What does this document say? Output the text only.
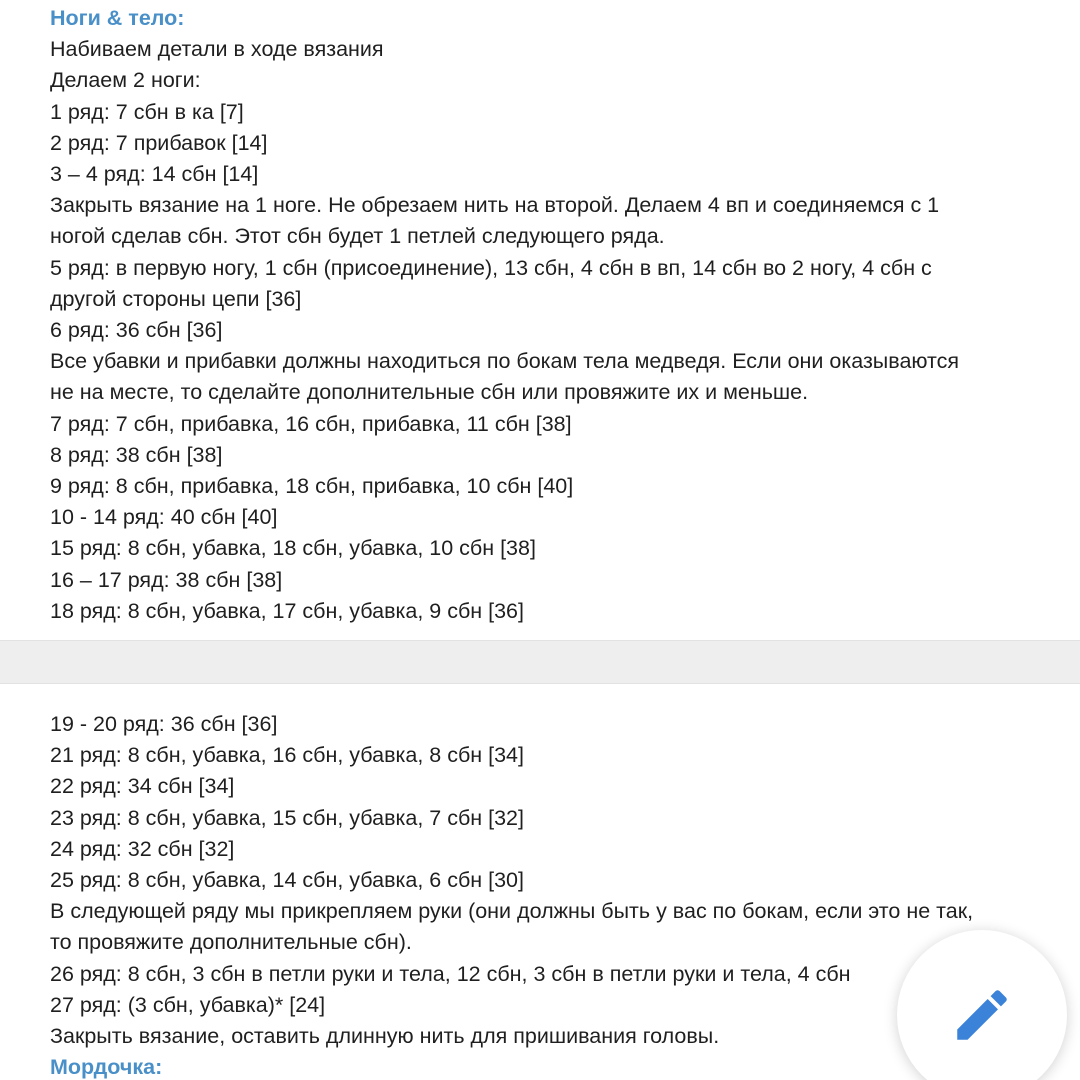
Ноги & тело:
Набиваем детали в ходе вязания
Делаем 2 ноги:
1 ряд: 7 сбн в ка [7]
2 ряд: 7 прибавок [14]
3 – 4 ряд: 14 сбн [14]
Закрыть вязание на 1 ноге. Не обрезаем нить на второй. Делаем 4 вп и соединяемся с 1
ногой сделав сбн. Этот сбн будет 1 петлей следующего ряда.
5 ряд: в первую ногу, 1 сбн (присоединение), 13 сбн, 4 сбн в вп, 14 сбн во 2 ногу, 4 сбн с
другой стороны цепи [36]
6 ряд: 36 сбн [36]
Все убавки и прибавки должны находиться по бокам тела медведя. Если они оказываются
не на месте, то сделайте дополнительные сбн или провяжите их и меньше.
7 ряд: 7 сбн, прибавка, 16 сбн, прибавка, 11 сбн [38]
8 ряд: 38 сбн [38]
9 ряд: 8 сбн, прибавка, 18 сбн, прибавка, 10 сбн [40]
10 - 14 ряд: 40 сбн [40]
15 ряд: 8 сбн, убавка, 18 сбн, убавка, 10 сбн [38]
16 – 17 ряд: 38 сбн [38]
18 ряд: 8 сбн, убавка, 17 сбн, убавка, 9 сбн [36]
19 - 20 ряд: 36 сбн [36]
21 ряд: 8 сбн, убавка, 16 сбн, убавка, 8 сбн [34]
22 ряд: 34 сбн [34]
23 ряд: 8 сбн, убавка, 15 сбн, убавка, 7 сбн [32]
24 ряд: 32 сбн [32]
25 ряд: 8 сбн, убавка, 14 сбн, убавка, 6 сбн [30]
В следующей ряду мы прикрепляем руки (они должны быть у вас по бокам, если это не так,
то провяжите дополнительные сбн).
26 ряд: 8 сбн, 3 сбн в петли руки и тела, 12 сбн, 3 сбн в петли руки и тела, 4 сбн
27 ряд: (3 сбн, убавка)* [24]
Закрыть вязание, оставить длинную нить для пришивания головы.
Мордочка:
